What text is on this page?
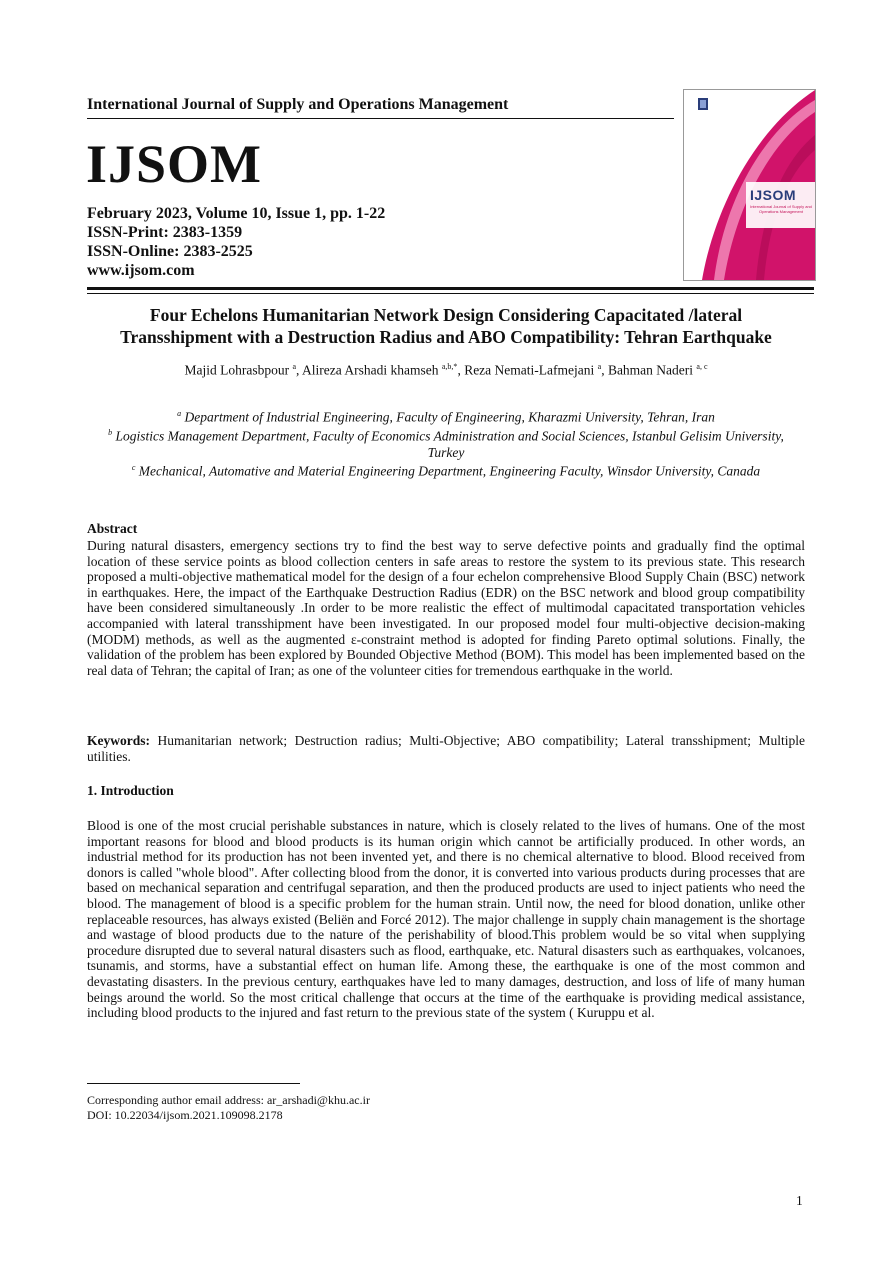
International Journal of Supply and Operations Management
IJSOM
February 2023, Volume 10, Issue 1, pp. 1-22
ISSN-Print: 2383-1359
ISSN-Online: 2383-2525
www.ijsom.com
IJSOM
International Journal of Supply and Operations Management
Four Echelons Humanitarian Network Design Considering Capacitated /lateral
Transshipment with a Destruction Radius and ABO Compatibility: Tehran Earthquake
Majid Lohrasbpour $^a$, Alireza Arshadi khamseh $^{a,b,*}$, Reza Nemati-Lafmejani $^a$, Bahman Naderi $^{a, c}$
$^a$ Department of Industrial Engineering, Faculty of Engineering, Kharazmi University, Tehran, Iran
$^b$ Logistics Management Department, Faculty of Economics Administration and Social Sciences, Istanbul Gelisim University, Turkey
$^c$ Mechanical, Automative and Material Engineering Department, Engineering Faculty, Winsdor University, Canada
Abstract
During natural disasters, emergency sections try to find the best way to serve defective points and gradually find the optimal location of these service points as blood collection centers in safe areas to restore the system to its previous state. This research proposed a multi-objective mathematical model for the design of a four echelon comprehensive Blood Supply Chain (BSC) network in earthquakes. Here, the impact of the Earthquake Destruction Radius (EDR) on the BSC network and blood group compatibility have been considered simultaneously .In order to be more realistic the effect of multimodal capacitated transportation vehicles accompanied with lateral transshipment have been investigated. In our proposed model four multi-objective decision-making (MODM) methods, as well as the augmented ε-constraint method is adopted for finding Pareto optimal solutions. Finally, the validation of the problem has been explored by Bounded Objective Method (BOM). This model has been implemented based on the real data of Tehran; the capital of Iran; as one of the volunteer cities for tremendous earthquake in the world.
Keywords: Humanitarian network; Destruction radius; Multi-Objective; ABO compatibility; Lateral transshipment; Multiple utilities.
1. Introduction
Blood is one of the most crucial perishable substances in nature, which is closely related to the lives of humans. One of the most important reasons for blood and blood products is its human origin which cannot be artificially produced. In other words, an industrial method for its production has not been invented yet, and there is no chemical alternative to blood. Blood received from donors is called "whole blood". After collecting blood from the donor, it is converted into various products during processes that are based on mechanical separation and centrifugal separation, and then the produced products are used to inject patients who need the blood. The management of blood is a specific problem for the human strain. Until now, the need for blood donation, unlike other replaceable resources, has always existed (Beliën and Forcé 2012). The major challenge in supply chain management is the shortage and wastage of blood products due to the nature of the perishability of blood.This problem would be so vital when supplying procedure disrupted due to several natural disasters such as flood, earthquake, etc. Natural disasters such as earthquakes, volcanoes, tsunamis, and storms, have a substantial effect on human life. Among these, the earthquake is one of the most common and devastating disasters. In the previous century, earthquakes have led to many damages, destruction, and loss of life of many human beings around the world. So the most critical challenge that occurs at the time of the earthquake is providing medical assistance, including blood products to the injured and fast return to the previous state of the system ( Kuruppu et al.
Corresponding author email address: ar_arshadi@khu.ac.ir
DOI: 10.22034/ijsom.2021.109098.2178
1
